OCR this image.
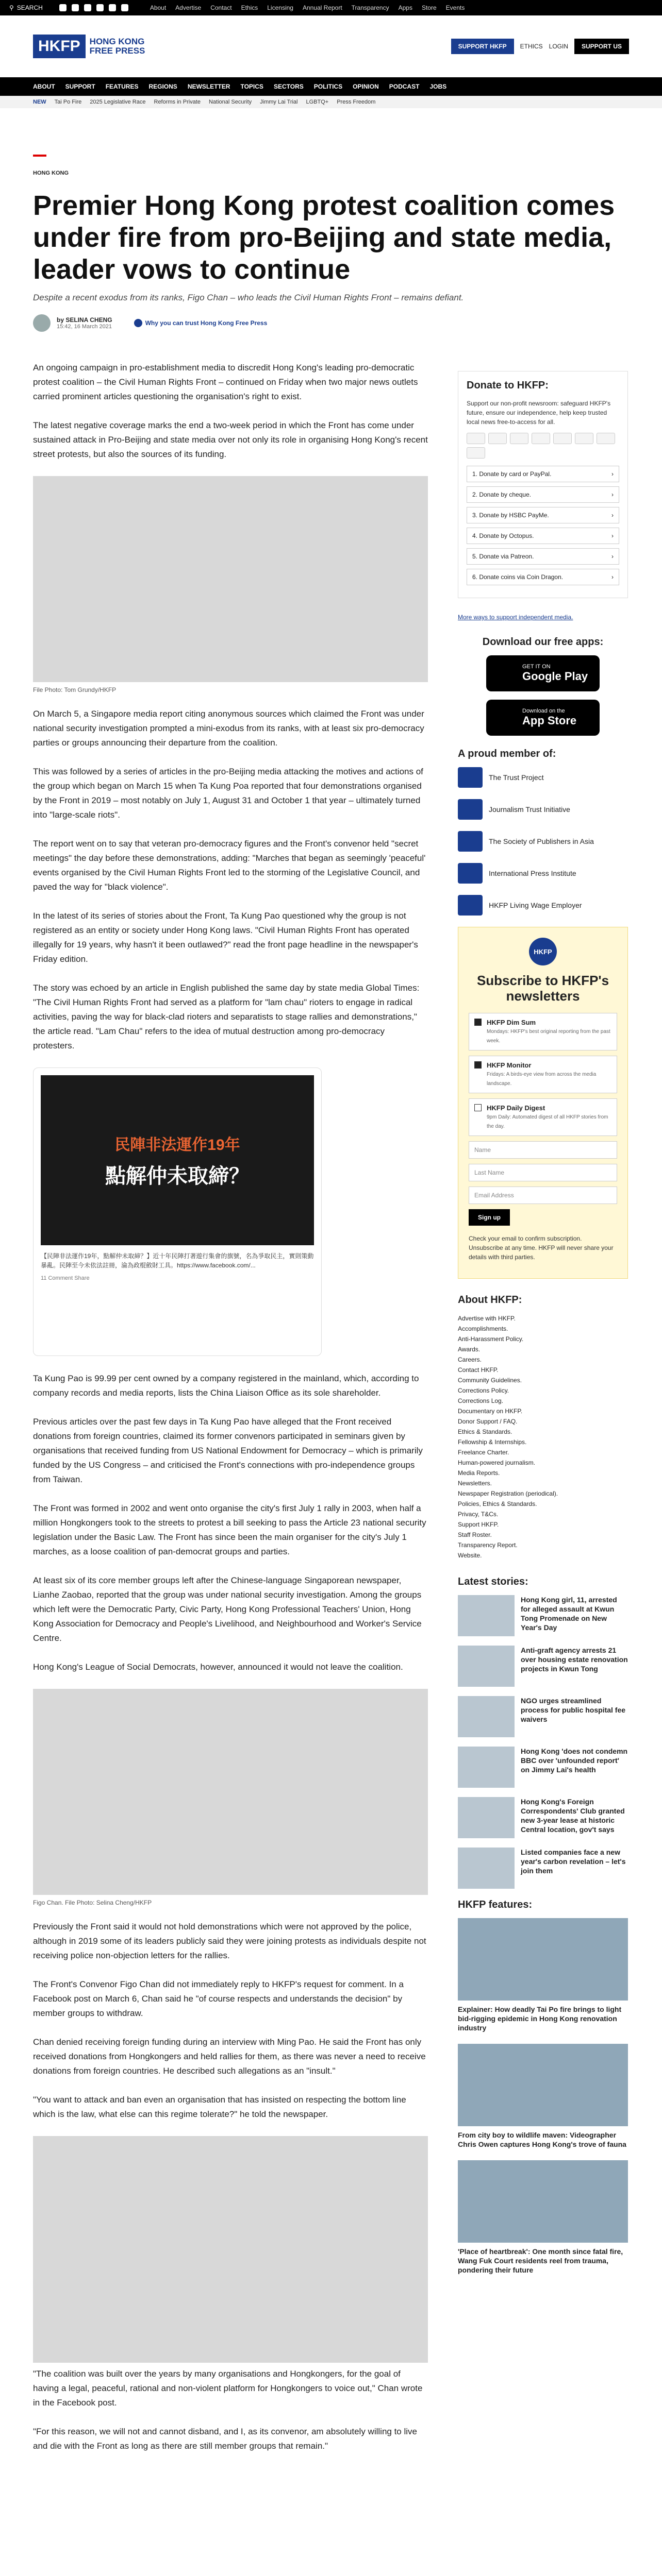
⚲ SEARCH	About Advertise Contact Ethics Licensing Annual Report Transparency Apps Store Events
HKFP	HONG KONG
FREE PRESS	SUPPORT HKFP	ETHICS LOGIN	SUPPORT US
ABOUT SUPPORT FEATURES REGIONS NEWSLETTER TOPICS SECTORS POLITICS OPINION PODCAST JOBS
NEW Tai Po Fire 2025 Legislative Race Reforms in Private National Security Jimmy Lai Trial LGBTQ+ Press Freedom
HONG KONG
Premier Hong Kong protest coalition comes under fire from pro-Beijing and state media, leader vows to continue
Despite a recent exodus from its ranks, Figo Chan – who leads the Civil Human Rights Front – remains defiant.
by SELINA CHENG
15:42, 16 March 2021	Why you can trust Hong Kong Free Press

An ongoing campaign in pro-establishment media to discredit Hong Kong's leading pro-democratic protest coalition – the Civil Human Rights Front – continued on Friday when two major news outlets carried prominent articles questioning the organisation's right to exist.

The latest negative coverage marks the end a two-week period in which the Front has come under sustained attack in Pro-Beijing and state media over not only its role in organising Hong Kong's recent street protests, but also the sources of its funding.

File Photo: Tom Grundy/HKFP

On March 5, a Singapore media report citing anonymous sources which claimed the Front was under national security investigation prompted a mini-exodus from its ranks, with at least six pro-democracy parties or groups announcing their departure from the coalition.

This was followed by a series of articles in the pro-Beijing media attacking the motives and actions of the group which began on March 15 when Ta Kung Poa reported that four demonstrations organised by the Front in 2019 – most notably on July 1, August 31 and October 1 that year – ultimately turned into "large-scale riots".

The report went on to say that veteran pro-democracy figures and the Front's convenor held "secret meetings" the day before these demonstrations, adding: "Marches that began as seemingly 'peaceful' events organised by the Civil Human Rights Front led to the storming of the Legislative Council, and paved the way for "black violence".

In the latest of its series of stories about the Front, Ta Kung Pao questioned why the group is not registered as an entity or society under Hong Kong laws. "Civil Human Rights Front has operated illegally for 19 years, why hasn't it been outlawed?" read the front page headline in the newspaper's Friday edition.

The story was echoed by an article in English published the same day by state media Global Times: "The Civil Human Rights Front had served as a platform for "lam chau" rioters to engage in radical activities, paving the way for black-clad rioters and separatists to stage rallies and demonstrations," the article read. "Lam Chau" refers to the idea of mutual destruction among pro-democracy protesters.

民陣非法運作19年
點解仲未取締？
【民陣非法運作19年，點解仲未取締？】近十年民陣打著遊行集會的旗號，名為爭取民主，實則策動暴亂。民陣至今未依法註冊，淪為政棍斂財工具。https://www.facebook.com/...
11 Comment Share

Ta Kung Pao is 99.99 per cent owned by a company registered in the mainland, which, according to company records and media reports, lists the China Liaison Office as its sole shareholder.

Previous articles over the past few days in Ta Kung Pao have alleged that the Front received donations from foreign countries, claimed its former convenors participated in seminars given by organisations that received funding from US National Endowment for Democracy – which is primarily funded by the US Congress – and criticised the Front's connections with pro-independence groups from Taiwan.

The Front was formed in 2002 and went onto organise the city's first July 1 rally in 2003, when half a million Hongkongers took to the streets to protest a bill seeking to pass the Article 23 national security legislation under the Basic Law. The Front has since been the main organiser for the city's July 1 marches, as a loose coalition of pan-democrat groups and parties.

At least six of its core member groups left after the Chinese-language Singaporean newspaper, Lianhe Zaobao, reported that the group was under national security investigation. Among the groups which left were the Democratic Party, Civic Party, Hong Kong Professional Teachers' Union, Hong Kong Association for Democracy and People's Livelihood, and Neighbourhood and Worker's Service Centre.

Hong Kong's League of Social Democrats, however, announced it would not leave the coalition.

Figo Chan. File Photo: Selina Cheng/HKFP

Previously the Front said it would not hold demonstrations which were not approved by the police, although in 2019 some of its leaders publicly said they were joining protests as individuals despite not receiving police non-objection letters for the rallies.

The Front's Convenor Figo Chan did not immediately reply to HKFP's request for comment. In a Facebook post on March 6, Chan said he "of course respects and understands the decision" by member groups to withdraw.

Chan denied receiving foreign funding during an interview with Ming Pao. He said the Front has only received donations from Hongkongers and held rallies for them, as there was never a need to receive donations from foreign countries. He described such allegations as an "insult."

"You want to attack and ban even an organisation that has insisted on respecting the bottom line which is the law, what else can this regime tolerate?" he told the newspaper.

"The coalition was built over the years by many organisations and Hongkongers, for the goal of having a legal, peaceful, rational and non-violent platform for Hongkongers to voice out," Chan wrote in the Facebook post.

"For this reason, we will not and cannot disband, and I, as its convenor, am absolutely willing to live and die with the Front as long as there are still member groups that remain."

Donate to HKFP:
Support our non-profit newsroom: safeguard HKFP's future, ensure our independence, help keep trusted local news free-to-access for all.
1. Donate by card or PayPal.	›
2. Donate by cheque.	›
3. Donate by HSBC PayMe.	›
4. Donate by Octopus.	›
5. Donate via Patreon.	›
6. Donate coins via Coin Dragon.	›
More ways to support independent media.
Download our free apps:
GET IT ON
Google Play
Download on the
App Store
A proud member of:
The Trust Project
Journalism Trust Initiative
The Society of Publishers in Asia
International Press Institute
HKFP Living Wage Employer
HKFP
Subscribe to HKFP's newsletters
HKFP Dim Sum
Mondays: HKFP's best original reporting from the past week.
HKFP Monitor
Fridays: A birds-eye view from across the media landscape.
HKFP Daily Digest
9pm Daily: Automated digest of all HKFP stories from the day.
Name
Last Name
Email Address
Sign up
Check your email to confirm subscription. Unsubscribe at any time. HKFP will never share your details with third parties.
About HKFP:
Advertise with HKFP.
Accomplishments.
Anti-Harassment Policy.
Awards.
Careers.
Contact HKFP.
Community Guidelines.
Corrections Policy.
Corrections Log.
Documentary on HKFP.
Donor Support / FAQ.
Ethics & Standards.
Fellowship & Internships.
Freelance Charter.
Human-powered journalism.
Media Reports.
Newsletters.
Newspaper Registration (periodical).
Policies, Ethics & Standards.
Privacy, T&Cs.
Support HKFP.
Staff Roster.
Transparency Report.
Website.
Latest stories:
Hong Kong girl, 11, arrested for alleged assault at Kwun Tong Promenade on New Year's Day
Anti-graft agency arrests 21 over housing estate renovation projects in Kwun Tong
NGO urges streamlined process for public hospital fee waivers
Hong Kong 'does not condemn BBC over 'unfounded report' on Jimmy Lai's health
Hong Kong's Foreign Correspondents' Club granted new 3-year lease at historic Central location, gov't says
Listed companies face a new year's carbon revelation – let's join them
HKFP features:
Explainer: How deadly Tai Po fire brings to light bid-rigging epidemic in Hong Kong renovation industry
From city boy to wildlife maven: Videographer Chris Owen captures Hong Kong's trove of fauna
'Place of heartbreak': One month since fatal fire, Wang Fuk Court residents reel from trauma, pondering their future
